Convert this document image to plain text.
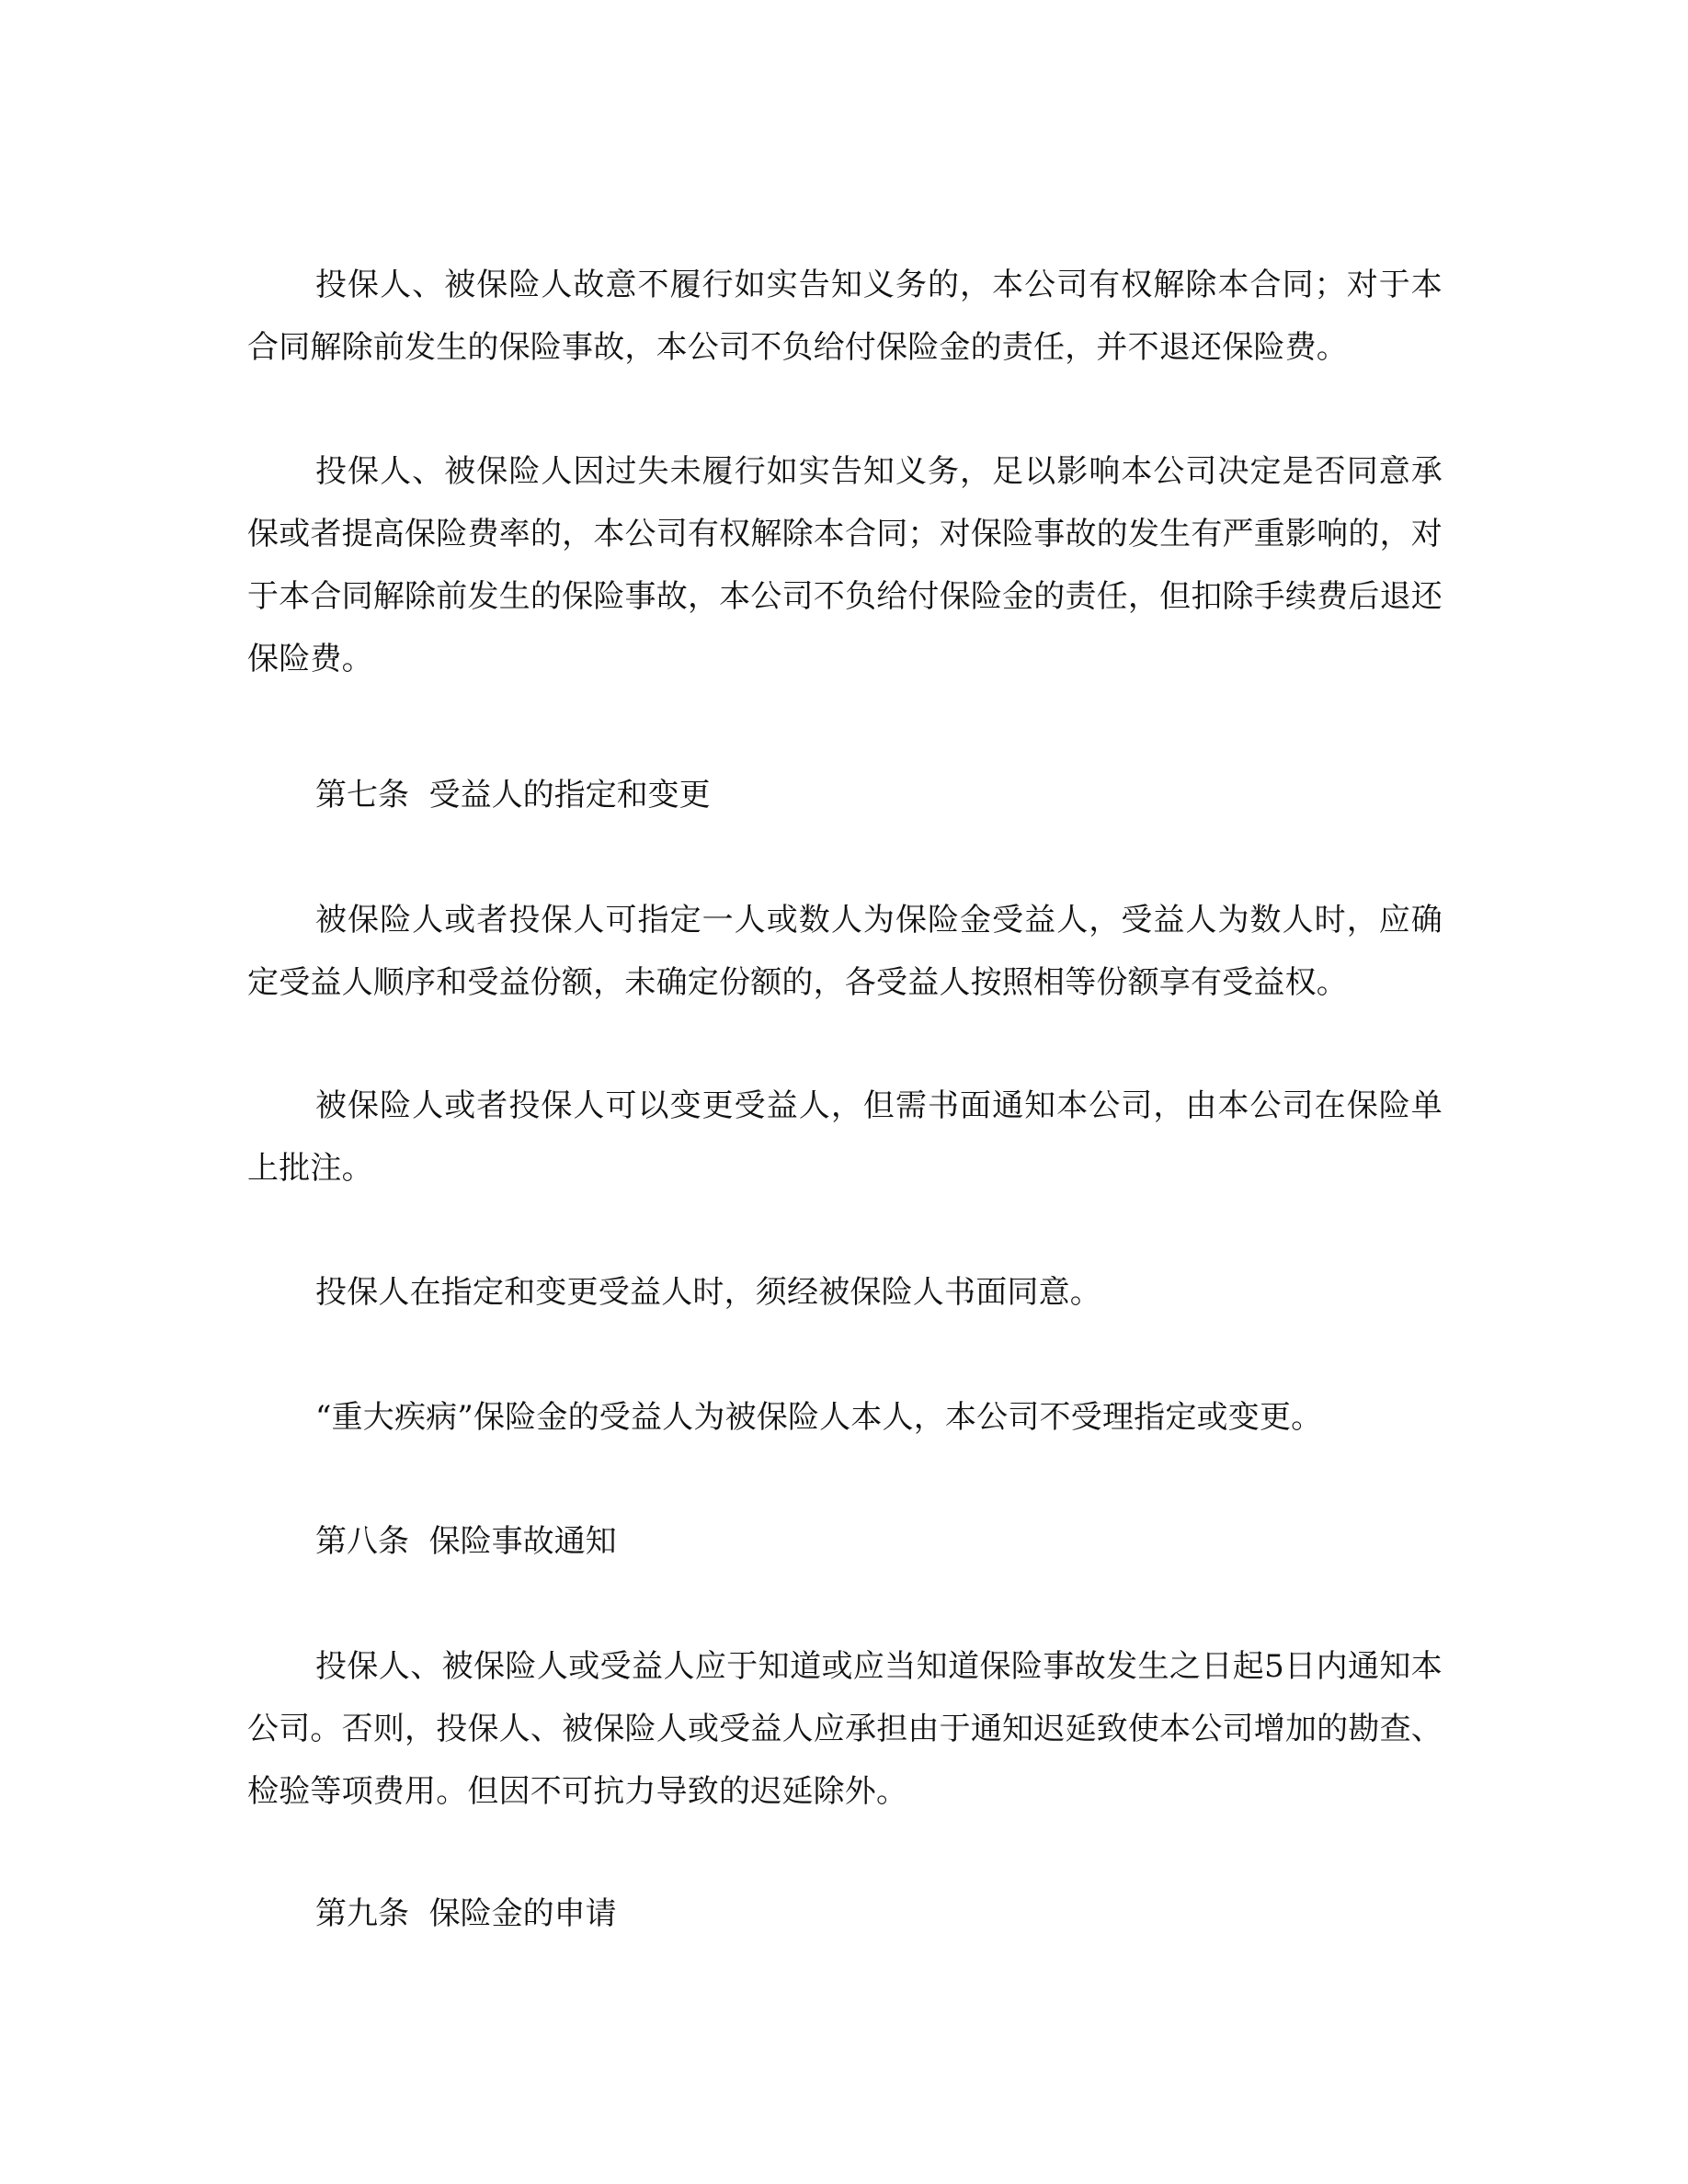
投保人、被保险人故意不履行如实告知义务的，本公司有权解除本合同；对于本合同解除前发生的保险事故，本公司不负给付保险金的责任，并不退还保险费。

投保人、被保险人因过失未履行如实告知义务，足以影响本公司决定是否同意承保或者提高保险费率的，本公司有权解除本合同；对保险事故的发生有严重影响的，对于本合同解除前发生的保险事故，本公司不负给付保险金的责任，但扣除手续费后退还保险费。

第七条  受益人的指定和变更

被保险人或者投保人可指定一人或数人为保险金受益人，受益人为数人时，应确定受益人顺序和受益份额，未确定份额的，各受益人按照相等份额享有受益权。

被保险人或者投保人可以变更受益人，但需书面通知本公司，由本公司在保险单上批注。

投保人在指定和变更受益人时，须经被保险人书面同意。

“重大疾病”保险金的受益人为被保险人本人，本公司不受理指定或变更。

第八条  保险事故通知

投保人、被保险人或受益人应于知道或应当知道保险事故发生之日起5日内通知本公司。否则，投保人、被保险人或受益人应承担由于通知迟延致使本公司增加的勘查、检验等项费用。但因不可抗力导致的迟延除外。

第九条  保险金的申请
